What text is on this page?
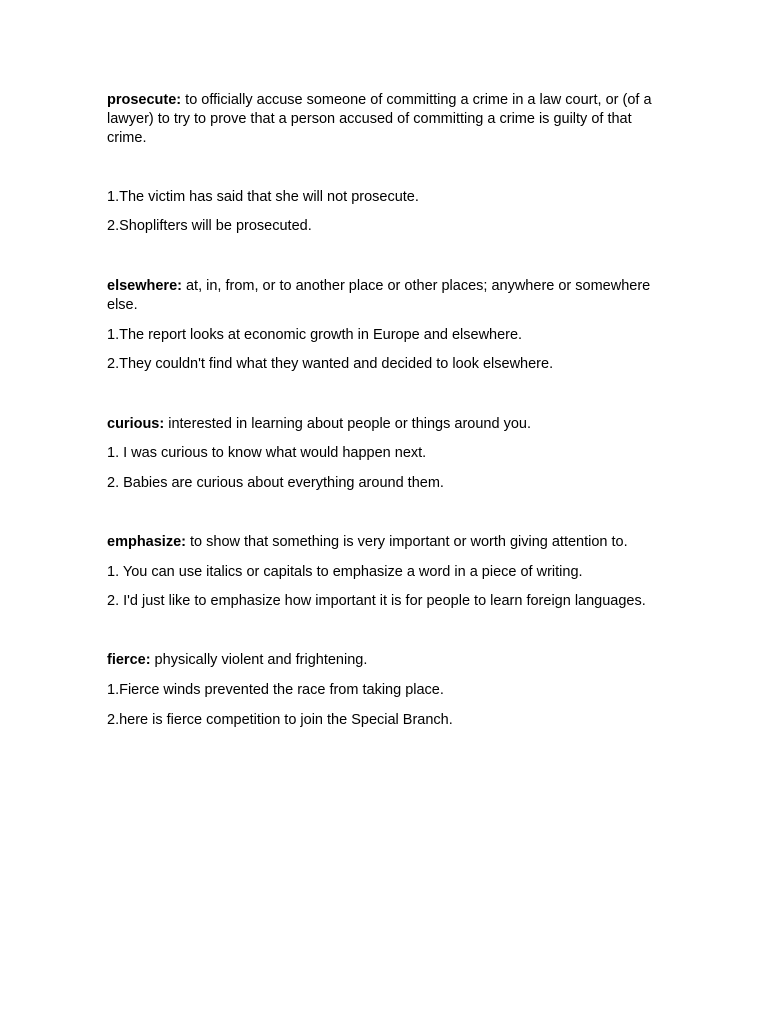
prosecute: to officially accuse someone of committing a crime in a law court, or (of a lawyer) to try to prove that a person accused of committing a crime is guilty of that crime.

1.The victim has said that she will not prosecute.

2.Shoplifters will be prosecuted.

elsewhere: at, in, from, or to another place or other places; anywhere or somewhere else.

1.The report looks at economic growth in Europe and elsewhere.

2.They couldn't find what they wanted and decided to look elsewhere.

curious: interested in learning about people or things around you.

1. I was curious to know what would happen next.

2. Babies are curious about everything around them.

emphasize: to show that something is very important or worth giving attention to.

1. You can use italics or capitals to emphasize a word in a piece of writing.

2. I'd just like to emphasize how important it is for people to learn foreign languages.

fierce: physically violent and frightening.

1.Fierce winds prevented the race from taking place.

2.here is fierce competition to join the Special Branch.
